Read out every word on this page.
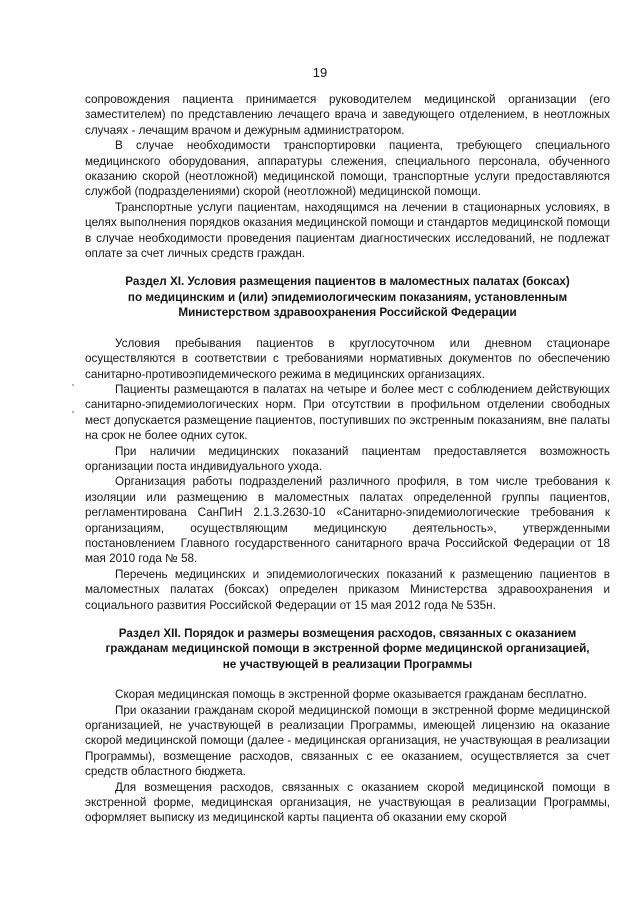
19

сопровождения пациента принимается руководителем медицинской организации (его заместителем) по представлению лечащего врача и заведующего отделением, в неотложных случаях - лечащим врачом и дежурным администратором.

В случае необходимости транспортировки пациента, требующего специального медицинского оборудования, аппаратуры слежения, специального персонала, обученного оказанию скорой (неотложной) медицинской помощи, транспортные услуги предоставляются службой (подразделениями) скорой (неотложной) медицинской помощи.

Транспортные услуги пациентам, находящимся на лечении в стационарных условиях, в целях выполнения порядков оказания медицинской помощи и стандартов медицинской помощи в случае необходимости проведения пациентам диагностических исследований, не подлежат оплате за счет личных средств граждан.

Раздел XI. Условия размещения пациентов в маломестных палатах (боксах)
по медицинским и (или) эпидемиологическим показаниям, установленным
Министерством здравоохранения Российской Федерации

Условия пребывания пациентов в круглосуточном или дневном стационаре осуществляются в соответствии с требованиями нормативных документов по обеспечению санитарно-противоэпидемического режима в медицинских организациях.

Пациенты размещаются в палатах на четыре и более мест с соблюдением действующих санитарно-эпидемиологических норм. При отсутствии в профильном отделении свободных мест допускается размещение пациентов, поступивших по экстренным показаниям, вне палаты на срок не более одних суток.

При наличии медицинских показаний пациентам предоставляется возможность организации поста индивидуального ухода.

Организация работы подразделений различного профиля, в том числе требования к изоляции или размещению в маломестных палатах определенной группы пациентов, регламентирована СанПиН 2.1.3.2630-10 «Санитарно-эпидемиологические требования к организациям, осуществляющим медицинскую деятельность», утвержденными постановлением Главного государственного санитарного врача Российской Федерации от 18 мая 2010 года № 58.

Перечень медицинских и эпидемиологических показаний к размещению пациентов в маломестных палатах (боксах) определен приказом Министерства здравоохранения и социального развития Российской Федерации от 15 мая 2012 года № 535н.

Раздел XII. Порядок и размеры возмещения расходов, связанных с оказанием
гражданам медицинской помощи в экстренной форме медицинской организацией,
не участвующей в реализации Программы

Скорая медицинская помощь в экстренной форме оказывается гражданам бесплатно.

При оказании гражданам скорой медицинской помощи в экстренной форме медицинской организацией, не участвующей в реализации Программы, имеющей лицензию на оказание скорой медицинской помощи (далее - медицинская организация, не участвующая в реализации Программы), возмещение расходов, связанных с ее оказанием, осуществляется за счет средств областного бюджета.

Для возмещения расходов, связанных с оказанием скорой медицинской помощи в экстренной форме, медицинская организация, не участвующая в реализации Программы, оформляет выписку из медицинской карты пациента об оказании ему скорой
